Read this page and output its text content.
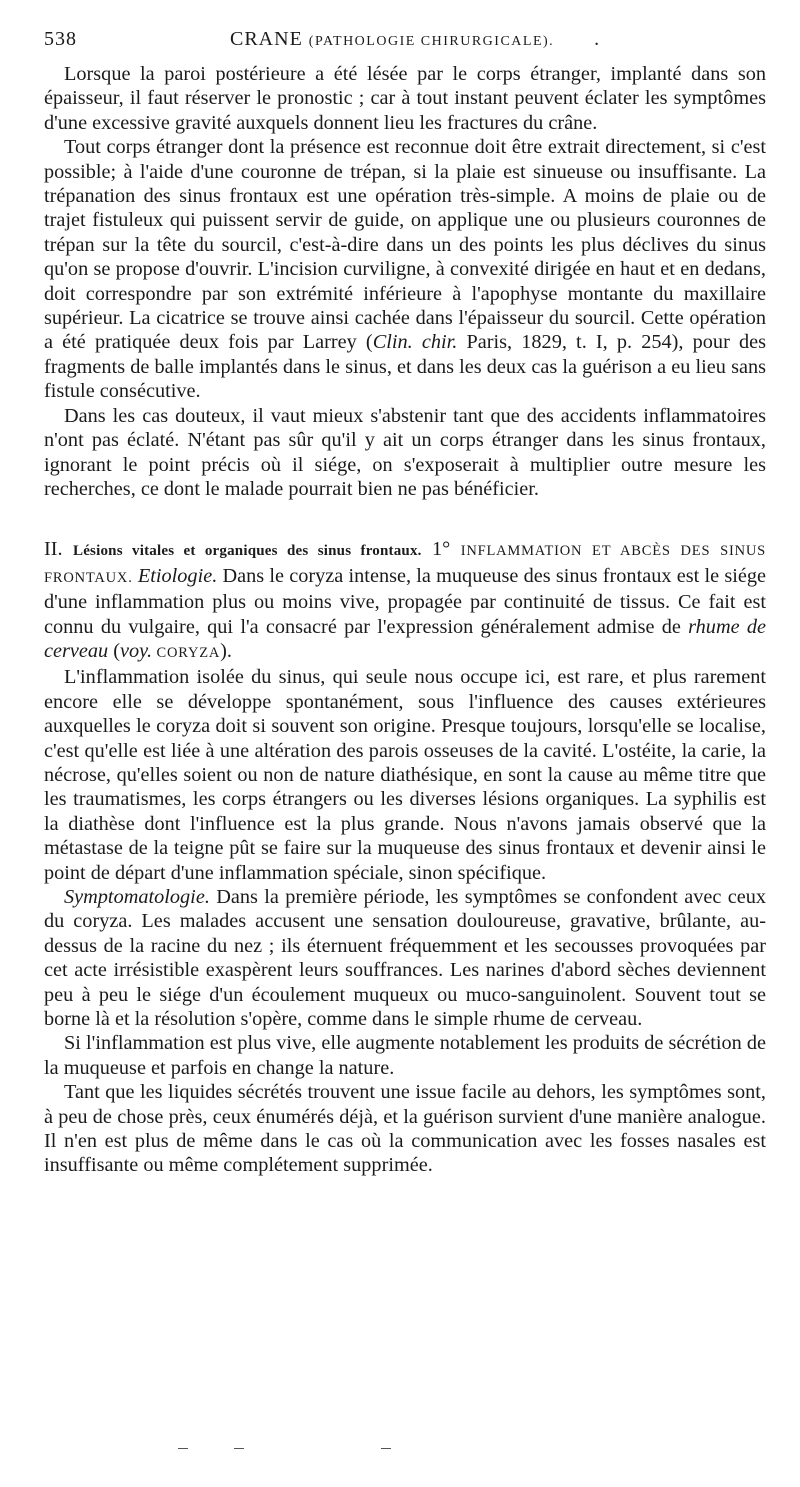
538	CRANE (PATHOLOGIE CHIRURGICALE). .

Lorsque la paroi postérieure a été lésée par le corps étranger, implanté dans son épaisseur, il faut réserver le pronostic ; car à tout instant peuvent éclater les symptômes d'une excessive gravité auxquels donnent lieu les fractures du crâne.

Tout corps étranger dont la présence est reconnue doit être extrait directement, si c'est possible; à l'aide d'une couronne de trépan, si la plaie est sinueuse ou insuffisante. La trépanation des sinus frontaux est une opération très-simple. A moins de plaie ou de trajet fistuleux qui puissent servir de guide, on applique une ou plusieurs couronnes de trépan sur la tête du sourcil, c'est-à-dire dans un des points les plus déclives du sinus qu'on se propose d'ouvrir. L'incision curviligne, à convexité dirigée en haut et en dedans, doit correspondre par son extrémité inférieure à l'apophyse montante du maxillaire supérieur. La cicatrice se trouve ainsi cachée dans l'épaisseur du sourcil. Cette opération a été pratiquée deux fois par Larrey (Clin. chir. Paris, 1829, t. I, p. 254), pour des fragments de balle implantés dans le sinus, et dans les deux cas la guérison a eu lieu sans fistule consécutive.

Dans les cas douteux, il vaut mieux s'abstenir tant que des accidents inflammatoires n'ont pas éclaté. N'étant pas sûr qu'il y ait un corps étranger dans les sinus frontaux, ignorant le point précis où il siége, on s'exposerait à multiplier outre mesure les recherches, ce dont le malade pourrait bien ne pas bénéficier.

II. Lésions vitales et organiques des sinus frontaux. 1° INFLAMMATION ET ABCÈS DES SINUS FRONTAUX. Etiologie. Dans le coryza intense, la muqueuse des sinus frontaux est le siége d'une inflammation plus ou moins vive, propagée par continuité de tissus. Ce fait est connu du vulgaire, qui l'a consacré par l'expression généralement admise de rhume de cerveau (voy. CORYZA).

L'inflammation isolée du sinus, qui seule nous occupe ici, est rare, et plus rarement encore elle se développe spontanément, sous l'influence des causes extérieures auxquelles le coryza doit si souvent son origine. Presque toujours, lorsqu'elle se localise, c'est qu'elle est liée à une altération des parois osseuses de la cavité. L'ostéite, la carie, la nécrose, qu'elles soient ou non de nature diathésique, en sont la cause au même titre que les traumatismes, les corps étrangers ou les diverses lésions organiques. La syphilis est la diathèse dont l'influence est la plus grande. Nous n'avons jamais observé que la métastase de la teigne pût se faire sur la muqueuse des sinus frontaux et devenir ainsi le point de départ d'une inflammation spéciale, sinon spécifique.

Symptomatologie. Dans la première période, les symptômes se confondent avec ceux du coryza. Les malades accusent une sensation douloureuse, gravative, brûlante, au-dessus de la racine du nez ; ils éternuent fréquemment et les secousses provoquées par cet acte irrésistible exaspèrent leurs souffrances. Les narines d'abord sèches deviennent peu à peu le siége d'un écoulement muqueux ou muco-sanguinolent. Souvent tout se borne là et la résolution s'opère, comme dans le simple rhume de cerveau.

Si l'inflammation est plus vive, elle augmente notablement les produits de sécrétion de la muqueuse et parfois en change la nature.

Tant que les liquides sécrétés trouvent une issue facile au dehors, les symptômes sont, à peu de chose près, ceux énumérés déjà, et la guérison survient d'une manière analogue. Il n'en est plus de même dans le cas où la communication avec les fosses nasales est insuffisante ou même complétement supprimée.
